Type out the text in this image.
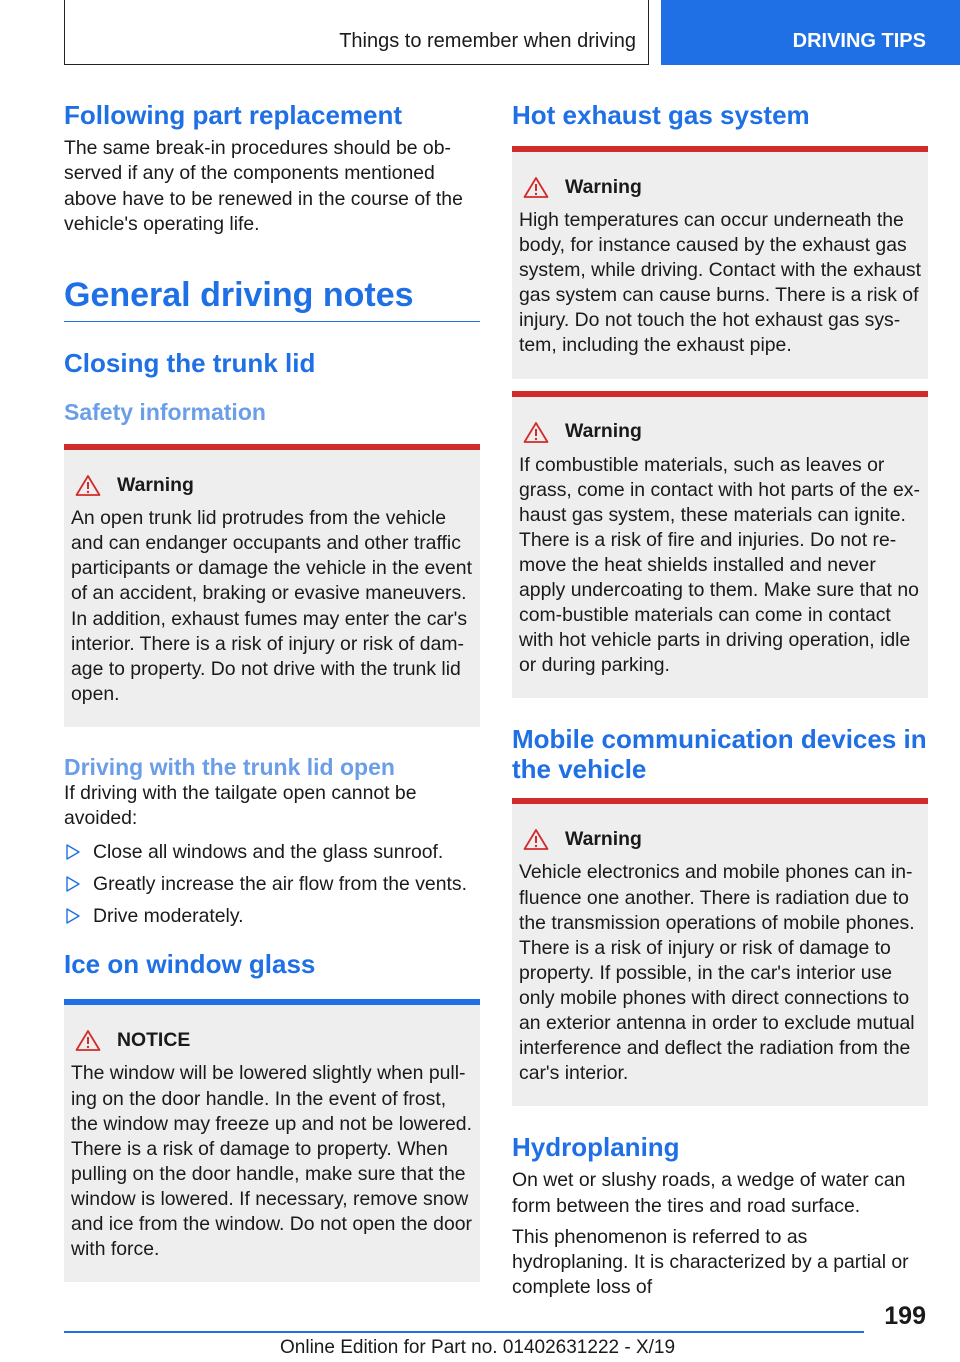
Things to remember when driving	DRIVING TIPS
Following part replacement

The same break-in procedures should be ob-served if any of the components mentioned above have to be renewed in the course of the vehicle's operating life.

General driving notes
Closing the trunk lid
Safety information
Warning

An open trunk lid protrudes from the vehicle and can endanger occupants and other traffic participants or damage the vehicle in the event of an accident, braking or evasive maneuvers. In addition, exhaust fumes may enter the car's interior. There is a risk of injury or risk of dam-age to property. Do not drive with the trunk lid open.

Driving with the trunk lid open

If driving with the tailgate open cannot be avoided:

Close all windows and the glass sunroof.
Greatly increase the air flow from the vents.
Drive moderately.
Ice on window glass
NOTICE

The window will be lowered slightly when pull-ing on the door handle. In the event of frost, the window may freeze up and not be lowered. There is a risk of damage to property. When pulling on the door handle, make sure that the window is lowered. If necessary, remove snow and ice from the window. Do not open the door with force.

Hot exhaust gas system
Warning

High temperatures can occur underneath the body, for instance caused by the exhaust gas system, while driving. Contact with the exhaust gas system can cause burns. There is a risk of injury. Do not touch the hot exhaust gas sys-tem, including the exhaust pipe.

Warning

If combustible materials, such as leaves or grass, come in contact with hot parts of the ex-haust gas system, these materials can ignite. There is a risk of fire and injuries. Do not re-move the heat shields installed and never apply undercoating to them. Make sure that no com-bustible materials can come in contact with hot vehicle parts in driving operation, idle or during parking.

Mobile communication devices in the vehicle
Warning

Vehicle electronics and mobile phones can in-fluence one another. There is radiation due to the transmission operations of mobile phones. There is a risk of injury or risk of damage to property. If possible, in the car's interior use only mobile phones with direct connections to an exterior antenna in order to exclude mutual interference and deflect the radiation from the car's interior.

Hydroplaning

On wet or slushy roads, a wedge of water can form between the tires and road surface.

This phenomenon is referred to as hydroplaning. It is characterized by a partial or complete loss of

199
Online Edition for Part no. 01402631222 - X/19
